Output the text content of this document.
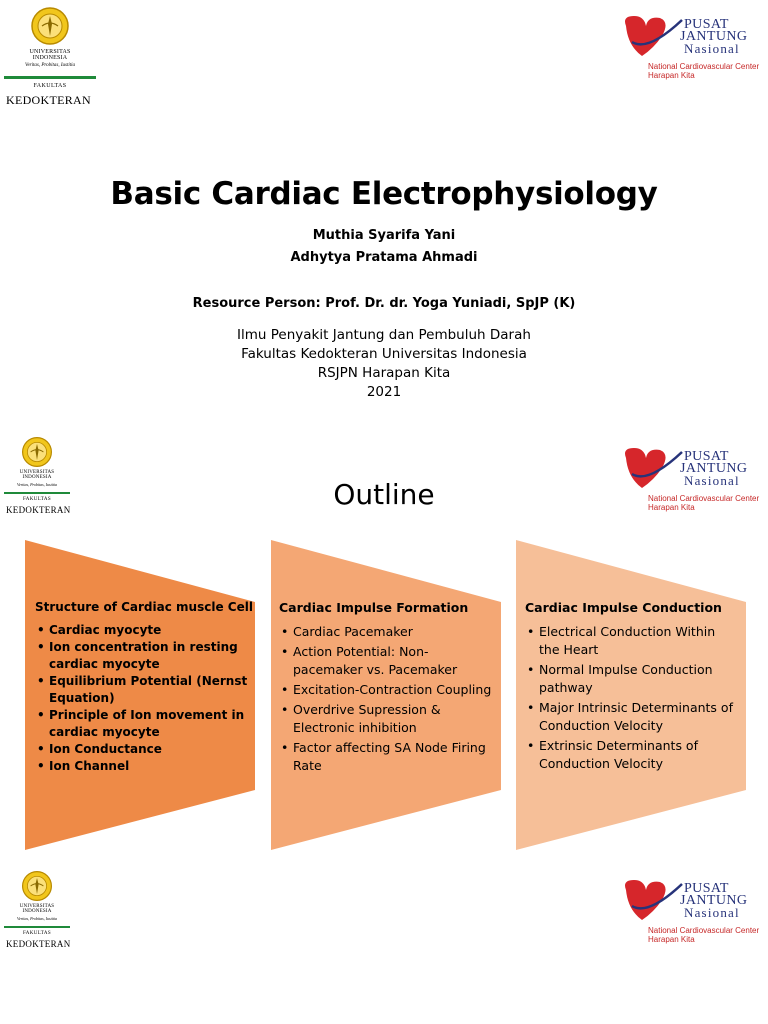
UNIVERSITAS
INDONESIA
Veritas, Probitas, Iustitia
FAKULTAS
KEDOKTERAN
UNIVERSITAS
INDONESIA
Veritas, Probitas, Iustitia
FAKULTAS
KEDOKTERAN
UNIVERSITAS
INDONESIA
Veritas, Probitas, Iustitia
FAKULTAS
KEDOKTERAN
PUSAT
JANTUNG
Nasional
National Cardiovascular Center
Harapan Kita
PUSAT
JANTUNG
Nasional
National Cardiovascular Center
Harapan Kita
PUSAT
JANTUNG
Nasional
National Cardiovascular Center
Harapan Kita
Basic Cardiac Electrophysiology
Muthia Syarifa Yani
Adhytya Pratama Ahmadi
Resource Person: Prof. Dr. dr. Yoga Yuniadi, SpJP (K)
Ilmu Penyakit Jantung dan Pembuluh Darah
Fakultas Kedokteran Universitas Indonesia
RSJPN Harapan Kita
2021
Outline
Structure of Cardiac muscle Cell
• Cardiac myocyte
• Ion concentration in resting cardiac myocyte
• Equilibrium Potential (Nernst Equation)
• Principle of Ion movement in cardiac myocyte
• Ion Conductance
• Ion Channel
Cardiac Impulse Formation
• Cardiac Pacemaker
• Action Potential: Non-pacemaker vs. Pacemaker
• Excitation-Contraction Coupling
• Overdrive Supression & Electronic inhibition
• Factor affecting SA Node Firing Rate
Cardiac Impulse Conduction
• Electrical Conduction Within the Heart
• Normal Impulse Conduction pathway
• Major Intrinsic Determinants of Conduction Velocity
• Extrinsic Determinants of Conduction Velocity
